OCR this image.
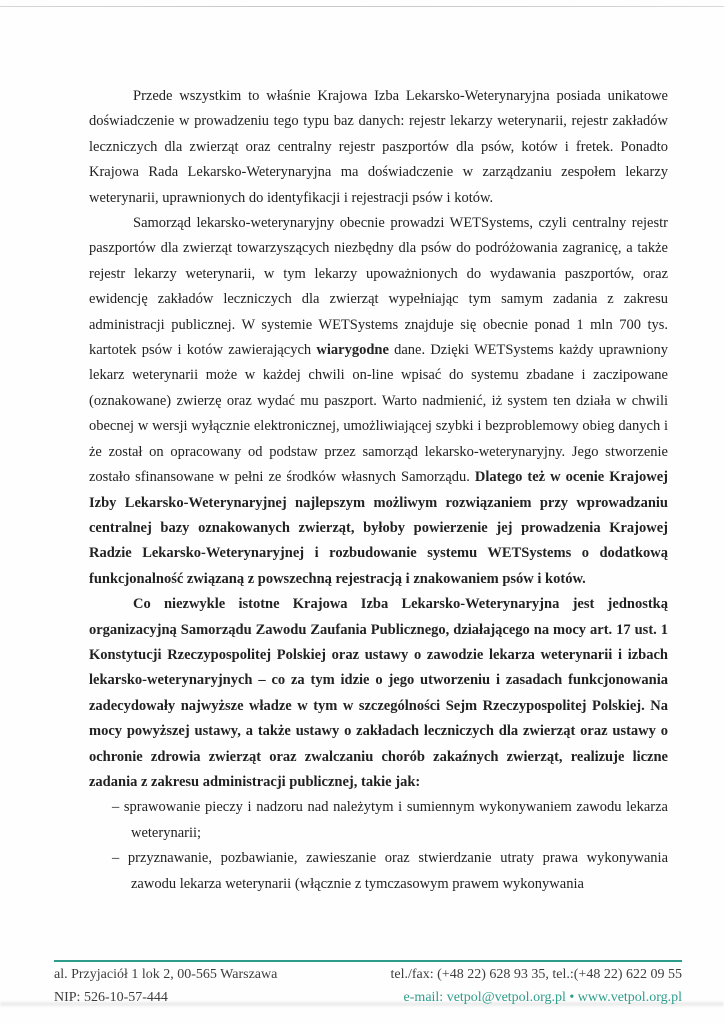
Przede wszystkim to właśnie Krajowa Izba Lekarsko-Weterynaryjna posiada unikatowe doświadczenie w prowadzeniu tego typu baz danych: rejestr lekarzy weterynarii, rejestr zakładów leczniczych dla zwierząt oraz centralny rejestr paszportów dla psów, kotów i fretek. Ponadto Krajowa Rada Lekarsko-Weterynaryjna ma doświadczenie w zarządzaniu zespołem lekarzy weterynarii, uprawnionych do identyfikacji i rejestracji psów i kotów.

Samorząd lekarsko-weterynaryjny obecnie prowadzi WETSystems, czyli centralny rejestr paszportów dla zwierząt towarzyszących niezbędny dla psów do podróżowania zagranicę, a także rejestr lekarzy weterynarii, w tym lekarzy upoważnionych do wydawania paszportów, oraz ewidencję zakładów leczniczych dla zwierząt wypełniając tym samym zadania z zakresu administracji publicznej. W systemie WETSystems znajduje się obecnie ponad 1 mln 700 tys. kartotek psów i kotów zawierających wiarygodne dane. Dzięki WETSystems każdy uprawniony lekarz weterynarii może w każdej chwili on-line wpisać do systemu zbadane i zaczipowane (oznakowane) zwierzę oraz wydać mu paszport. Warto nadmienić, iż system ten działa w chwili obecnej w wersji wyłącznie elektronicznej, umożliwiającej szybki i bezproblemowy obieg danych i że został on opracowany od podstaw przez samorząd lekarsko-weterynaryjny. Jego stworzenie zostało sfinansowane w pełni ze środków własnych Samorządu. Dlatego też w ocenie Krajowej Izby Lekarsko-Weterynaryjnej najlepszym możliwym rozwiązaniem przy wprowadzaniu centralnej bazy oznakowanych zwierząt, byłoby powierzenie jej prowadzenia Krajowej Radzie Lekarsko-Weterynaryjnej i rozbudowanie systemu WETSystems o dodatkową funkcjonalność związaną z powszechną rejestracją i znakowaniem psów i kotów.

Co niezwykle istotne Krajowa Izba Lekarsko-Weterynaryjna jest jednostką organizacyjną Samorządu Zawodu Zaufania Publicznego, działającego na mocy art. 17 ust. 1 Konstytucji Rzeczypospolitej Polskiej oraz ustawy o zawodzie lekarza weterynarii i izbach lekarsko-weterynaryjnych – co za tym idzie o jego utworzeniu i zasadach funkcjonowania zadecydowały najwyższe władze w tym w szczególności Sejm Rzeczypospolitej Polskiej. Na mocy powyższej ustawy, a także ustawy o zakładach leczniczych dla zwierząt oraz ustawy o ochronie zdrowia zwierząt oraz zwalczaniu chorób zakaźnych zwierząt, realizuje liczne zadania z zakresu administracji publicznej, takie jak:

– sprawowanie pieczy i nadzoru nad należytym i sumiennym wykonywaniem zawodu lekarza weterynarii;
– przyznawanie, pozbawianie, zawieszanie oraz stwierdzanie utraty prawa wykonywania zawodu lekarza weterynarii (włącznie z tymczasowym prawem wykonywania
al. Przyjaciół 1 lok 2, 00-565 Warszawa
NIP: 526-10-57-444
tel./fax: (+48 22) 628 93 35, tel.:(+48 22) 622 09 55
e-mail: vetpol@vetpol.org.pl • www.vetpol.org.pl
